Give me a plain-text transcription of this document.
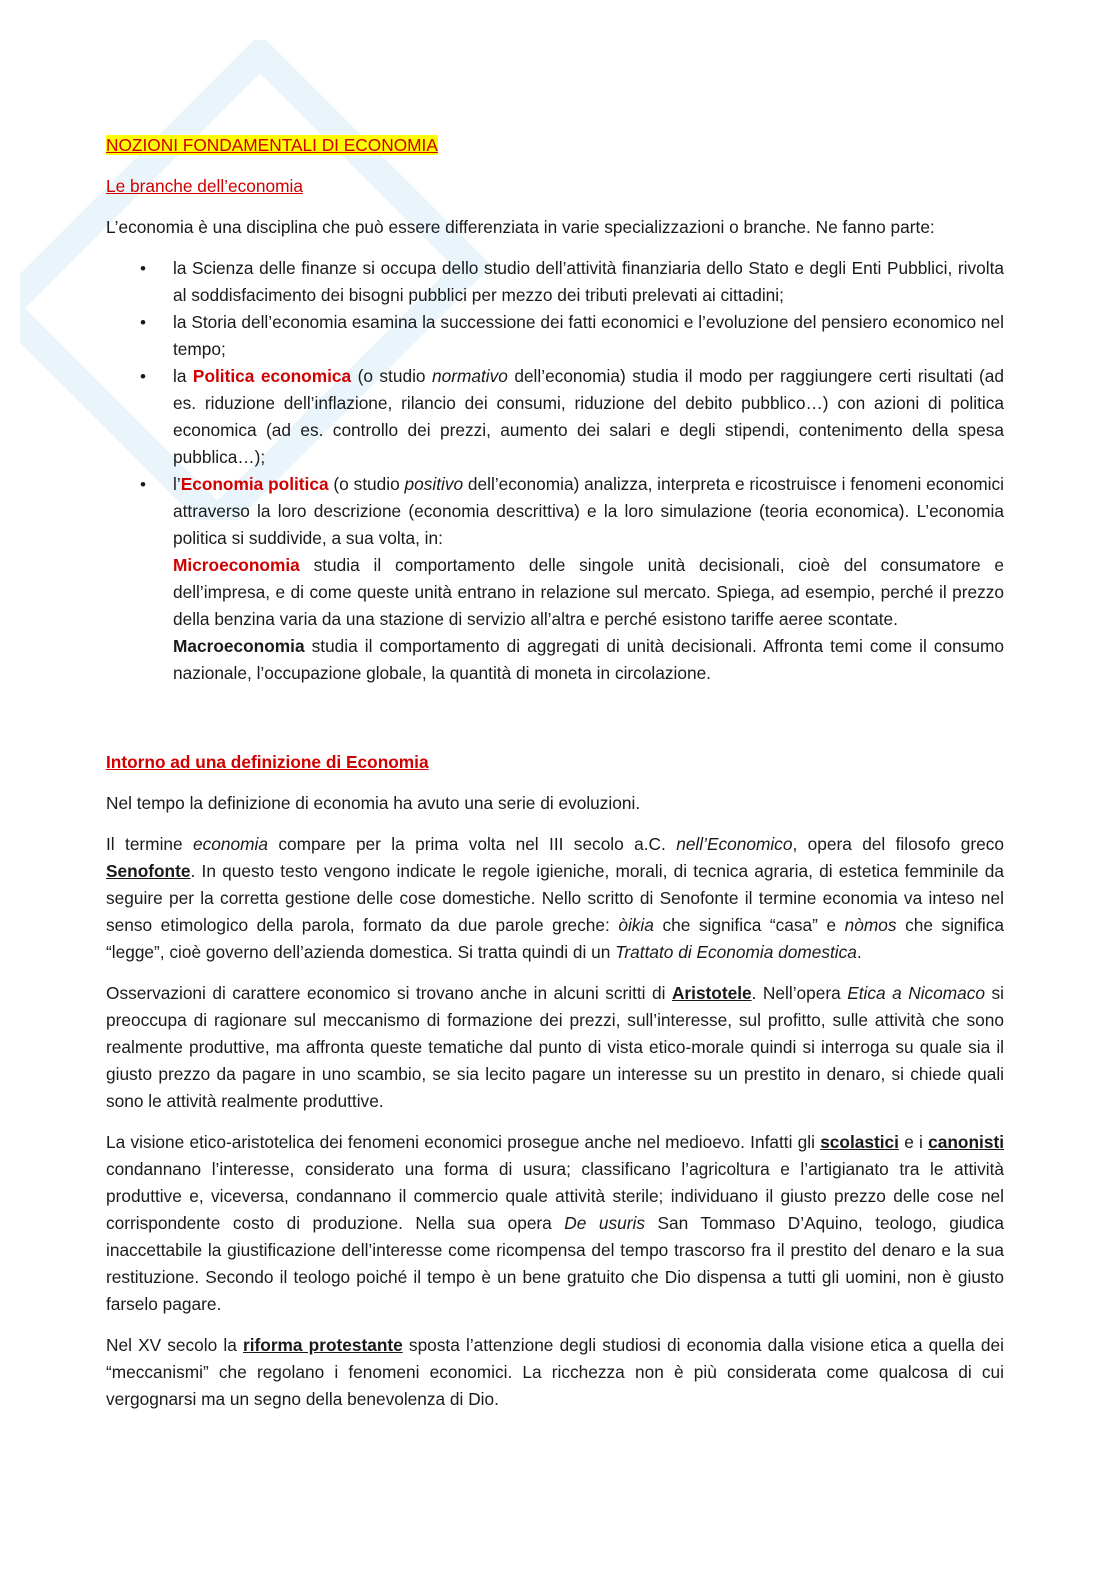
NOZIONI FONDAMENTALI DI ECONOMIA
Le branche dell’economia

L’economia è una disciplina che può essere differenziata in varie specializzazioni o branche. Ne fanno parte:

• la Scienza delle finanze si occupa dello studio dell’attività finanziaria dello Stato e degli Enti Pubblici, rivolta al soddisfacimento dei bisogni pubblici per mezzo dei tributi prelevati ai cittadini;
• la Storia dell’economia esamina la successione dei fatti economici e l’evoluzione del pensiero economico nel tempo;
• la Politica economica (o studio normativo dell’economia) studia il modo per raggiungere certi risultati (ad es. riduzione dell’inflazione, rilancio dei consumi, riduzione del debito pubblico…) con azioni di politica economica (ad es. controllo dei prezzi, aumento dei salari e degli stipendi, contenimento della spesa pubblica…);
• l’Economia politica (o studio positivo dell’economia) analizza, interpreta e ricostruisce i fenomeni economici attraverso la loro descrizione (economia descrittiva) e la loro simulazione (teoria economica). L’economia politica si suddivide, a sua volta, in:
Microeconomia studia il comportamento delle singole unità decisionali, cioè del consumatore e dell’impresa, e di come queste unità entrano in relazione sul mercato. Spiega, ad esempio, perché il prezzo della benzina varia da una stazione di servizio all’altra e perché esistono tariffe aeree scontate.
Macroeconomia studia il comportamento di aggregati di unità decisionali. Affronta temi come il consumo nazionale, l’occupazione globale, la quantità di moneta in circolazione.
Intorno ad una definizione di Economia

Nel tempo la definizione di economia ha avuto una serie di evoluzioni.

Il termine economia compare per la prima volta nel III secolo a.C. nell’Economico, opera del filosofo greco Senofonte. In questo testo vengono indicate le regole igieniche, morali, di tecnica agraria, di estetica femminile da seguire per la corretta gestione delle cose domestiche. Nello scritto di Senofonte il termine economia va inteso nel senso etimologico della parola, formato da due parole greche: òikia che significa “casa” e nòmos che significa “legge”, cioè governo dell’azienda domestica. Si tratta quindi di un Trattato di Economia domestica.

Osservazioni di carattere economico si trovano anche in alcuni scritti di Aristotele. Nell’opera Etica a Nicomaco si preoccupa di ragionare sul meccanismo di formazione dei prezzi, sull’interesse, sul profitto, sulle attività che sono realmente produttive, ma affronta queste tematiche dal punto di vista etico-morale quindi si interroga su quale sia il giusto prezzo da pagare in uno scambio, se sia lecito pagare un interesse su un prestito in denaro, si chiede quali sono le attività realmente produttive.

La visione etico-aristotelica dei fenomeni economici prosegue anche nel medioevo. Infatti gli scolastici e i canonisti condannano l’interesse, considerato una forma di usura; classificano l’agricoltura e l’artigianato tra le attività produttive e, viceversa, condannano il commercio quale attività sterile; individuano il giusto prezzo delle cose nel corrispondente costo di produzione. Nella sua opera De usuris San Tommaso D’Aquino, teologo, giudica inaccettabile la giustificazione dell’interesse come ricompensa del tempo trascorso fra il prestito del denaro e la sua restituzione. Secondo il teologo poiché il tempo è un bene gratuito che Dio dispensa a tutti gli uomini, non è giusto farselo pagare.

Nel XV secolo la riforma protestante sposta l’attenzione degli studiosi di economia dalla visione etica a quella dei “meccanismi” che regolano i fenomeni economici. La ricchezza non è più considerata come qualcosa di cui vergognarsi ma un segno della benevolenza di Dio.
